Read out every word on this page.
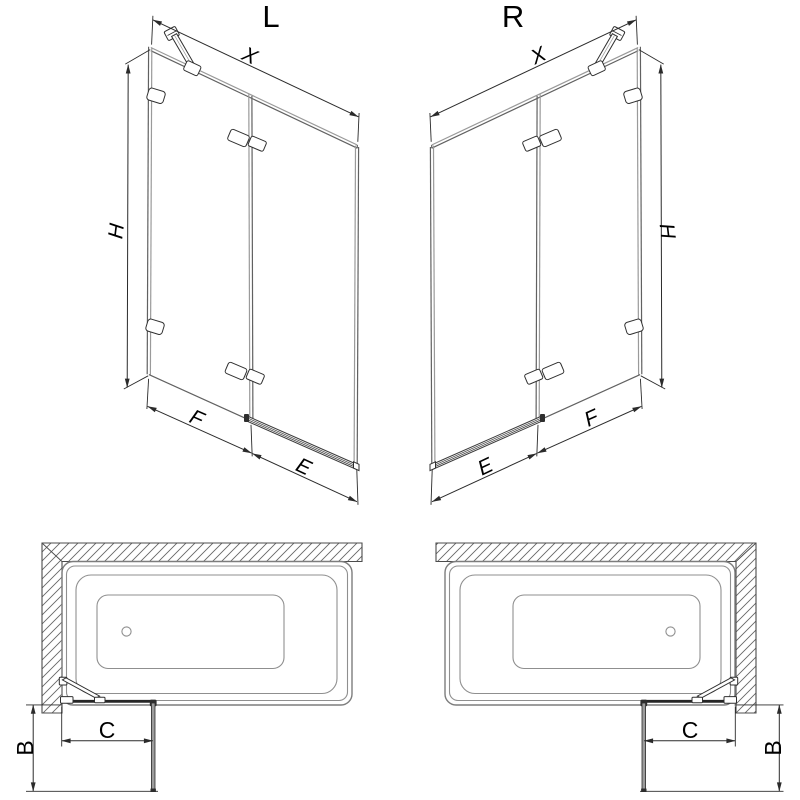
L	R
X
H
F
E
X
H
F
E
C
B
C
B
